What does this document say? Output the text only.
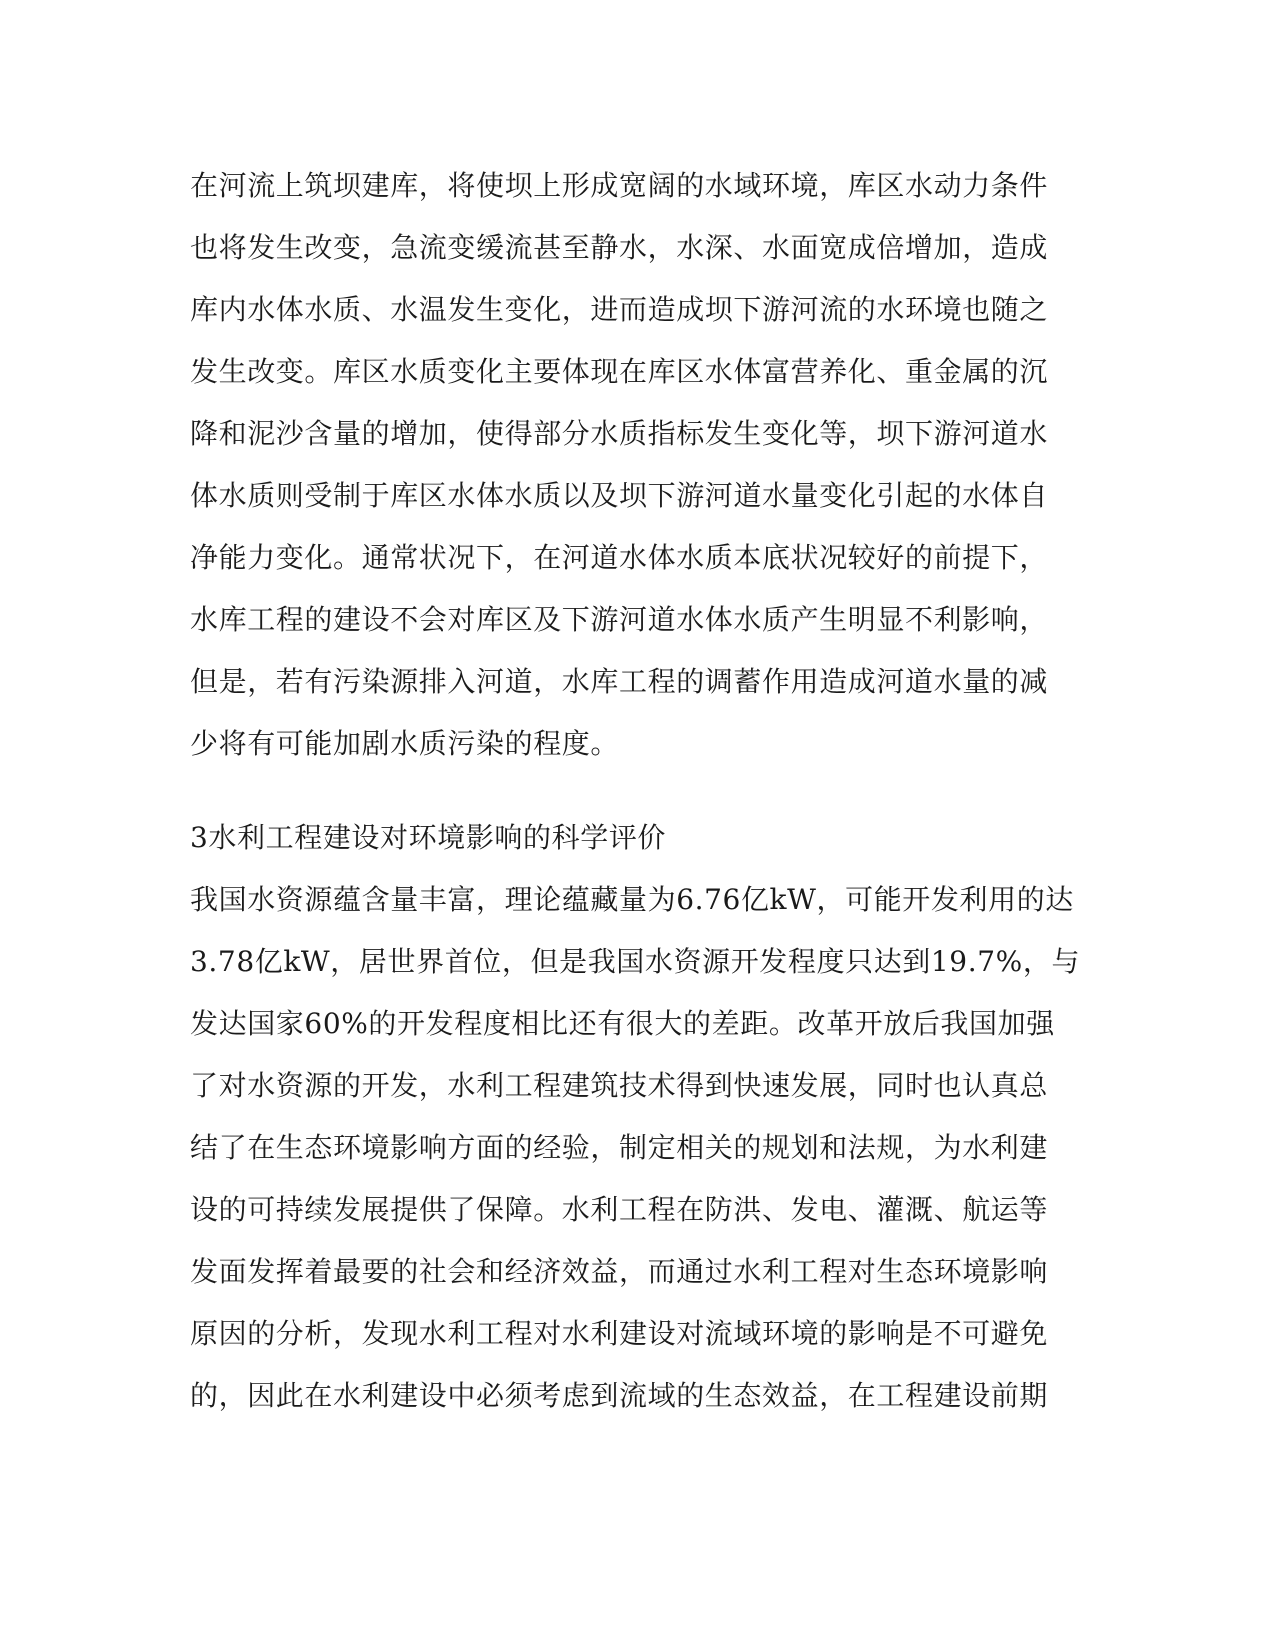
在河流上筑坝建库，将使坝上形成宽阔的水域环境，库区水动力条件
也将发生改变，急流变缓流甚至静水，水深、水面宽成倍增加，造成
库内水体水质、水温发生变化，进而造成坝下游河流的水环境也随之
发生改变。库区水质变化主要体现在库区水体富营养化、重金属的沉
降和泥沙含量的增加，使得部分水质指标发生变化等，坝下游河道水
体水质则受制于库区水体水质以及坝下游河道水量变化引起的水体自
净能力变化。通常状况下，在河道水体水质本底状况较好的前提下，
水库工程的建设不会对库区及下游河道水体水质产生明显不利影响，
但是，若有污染源排入河道，水库工程的调蓄作用造成河道水量的减
少将有可能加剧水质污染的程度。
3水利工程建设对环境影响的科学评价
我国水资源蕴含量丰富，理论蕴藏量为6.76亿kW，可能开发利用的达
3.78亿kW，居世界首位，但是我国水资源开发程度只达到19.7%，与
发达国家60%的开发程度相比还有很大的差距。改革开放后我国加强
了对水资源的开发，水利工程建筑技术得到快速发展，同时也认真总
结了在生态环境影响方面的经验，制定相关的规划和法规，为水利建
设的可持续发展提供了保障。水利工程在防洪、发电、灌溉、航运等
发面发挥着最要的社会和经济效益，而通过水利工程对生态环境影响
原因的分析，发现水利工程对水利建设对流域环境的影响是不可避免
的，因此在水利建设中必须考虑到流域的生态效益，在工程建设前期
